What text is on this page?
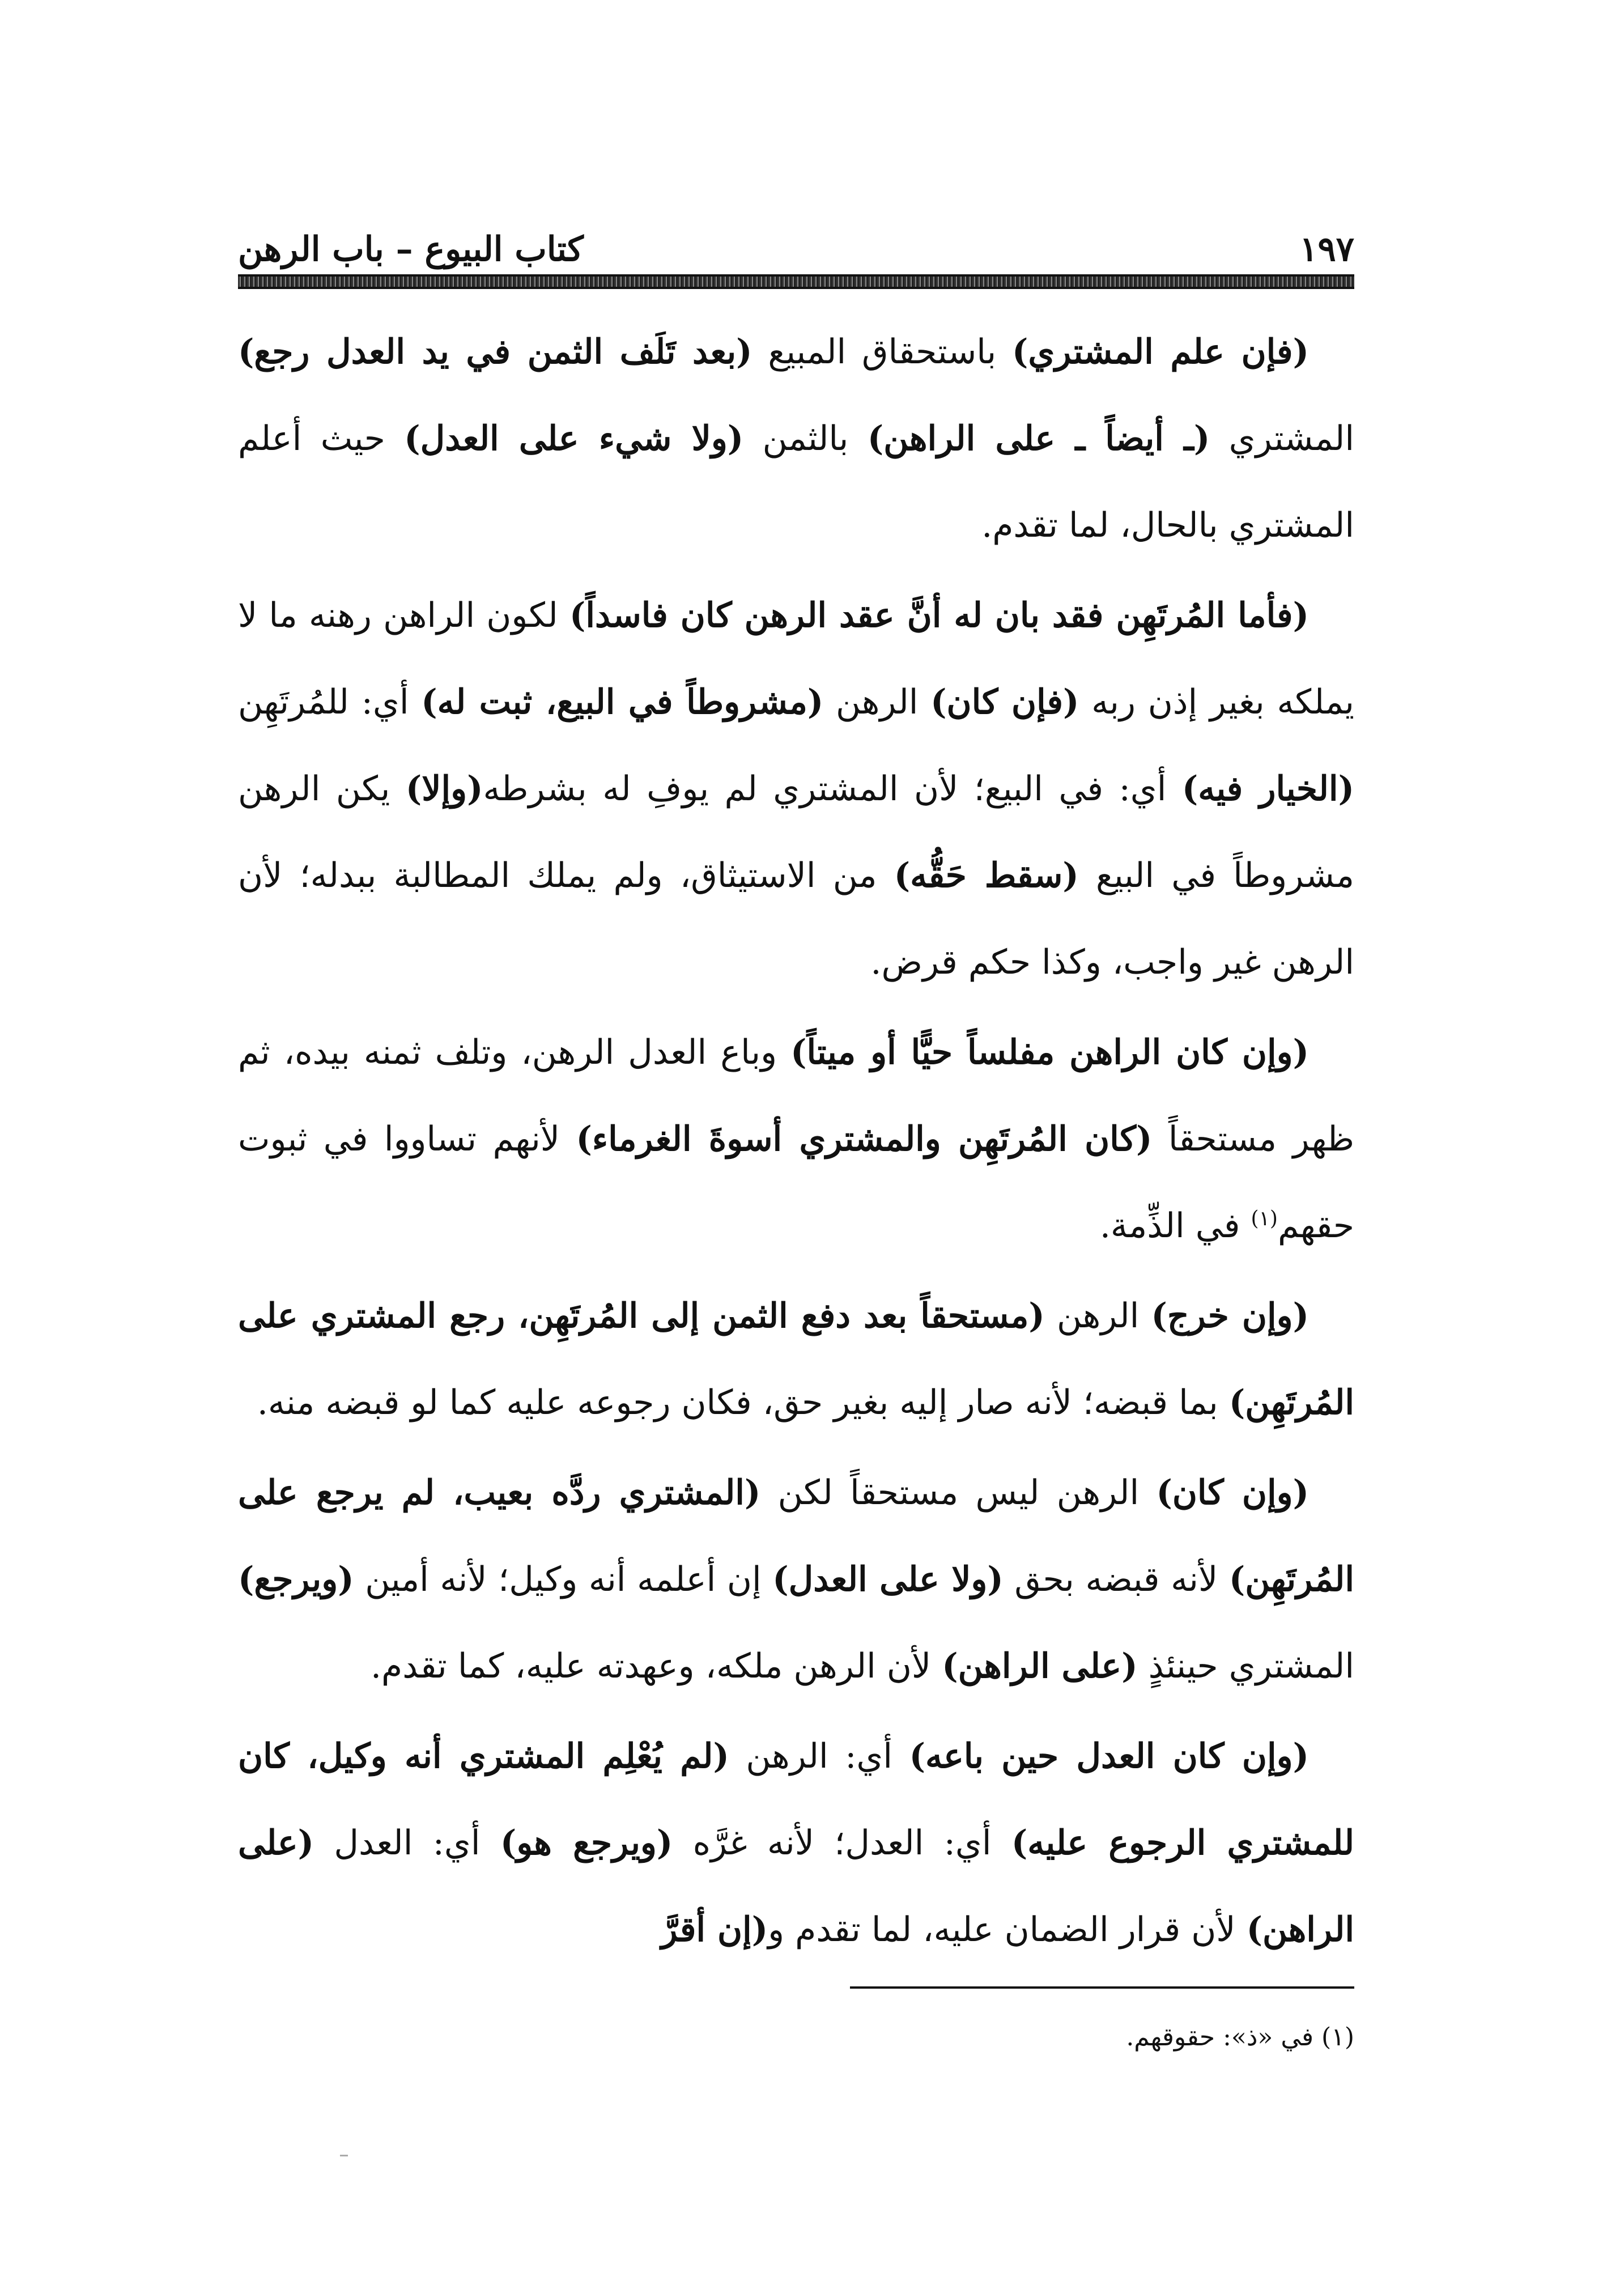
١٩٧
كتاب البيوع – باب الرهن

(فإن علم المشتري) باستحقاق المبيع (بعد تَلَف الثمن في يد العدل رجع) المشتري (ـ أيضاً ـ على الراهن) بالثمن (ولا شيء على العدل) حيث أعلم المشتري بالحال، لما تقدم.

(فأما المُرتَهِن فقد بان له أنَّ عقد الرهن كان فاسداً) لكون الراهن رهنه ما لا يملكه بغير إذن ربه (فإن كان) الرهن (مشروطاً في البيع، ثبت له) أي: للمُرتَهِن (الخيار فيه) أي: في البيع؛ لأن المشتري لم يوفِ له بشرطه(وإلا) يكن الرهن مشروطاً في البيع (سقط حَقُّه) من الاستيثاق، ولم يملك المطالبة ببدله؛ لأن الرهن غير واجب، وكذا حكم قرض.

(وإن كان الراهن مفلساً حيًّا أو ميتاً) وباع العدل الرهن، وتلف ثمنه بيده، ثم ظهر مستحقاً (كان المُرتَهِن والمشتري أسوةَ الغرماء) لأنهم تساووا في ثبوت حقهم$^{(١)}$ في الذِّمة.

(وإن خرج) الرهن (مستحقاً بعد دفع الثمن إلى المُرتَهِن، رجع المشتري على المُرتَهِن) بما قبضه؛ لأنه صار إليه بغير حق، فكان رجوعه عليه كما لو قبضه منه.

(وإن كان) الرهن ليس مستحقاً لكن (المشتري ردَّه بعيب، لم يرجع على المُرتَهِن) لأنه قبضه بحق (ولا على العدل) إن أعلمه أنه وكيل؛ لأنه أمين (ويرجع) المشتري حينئذٍ (على الراهن) لأن الرهن ملكه، وعهدته عليه، كما تقدم.

(وإن كان العدل حين باعه) أي: الرهن (لم يُعْلِم المشتري أنه وكيل، كان للمشتري الرجوع عليه) أي: العدل؛ لأنه غرَّه (ويرجع هو) أي: العدل (على الراهن) لأن قرار الضمان عليه، لما تقدم و(إن أقرَّ

(١) في «ذ»: حقوقهم.
